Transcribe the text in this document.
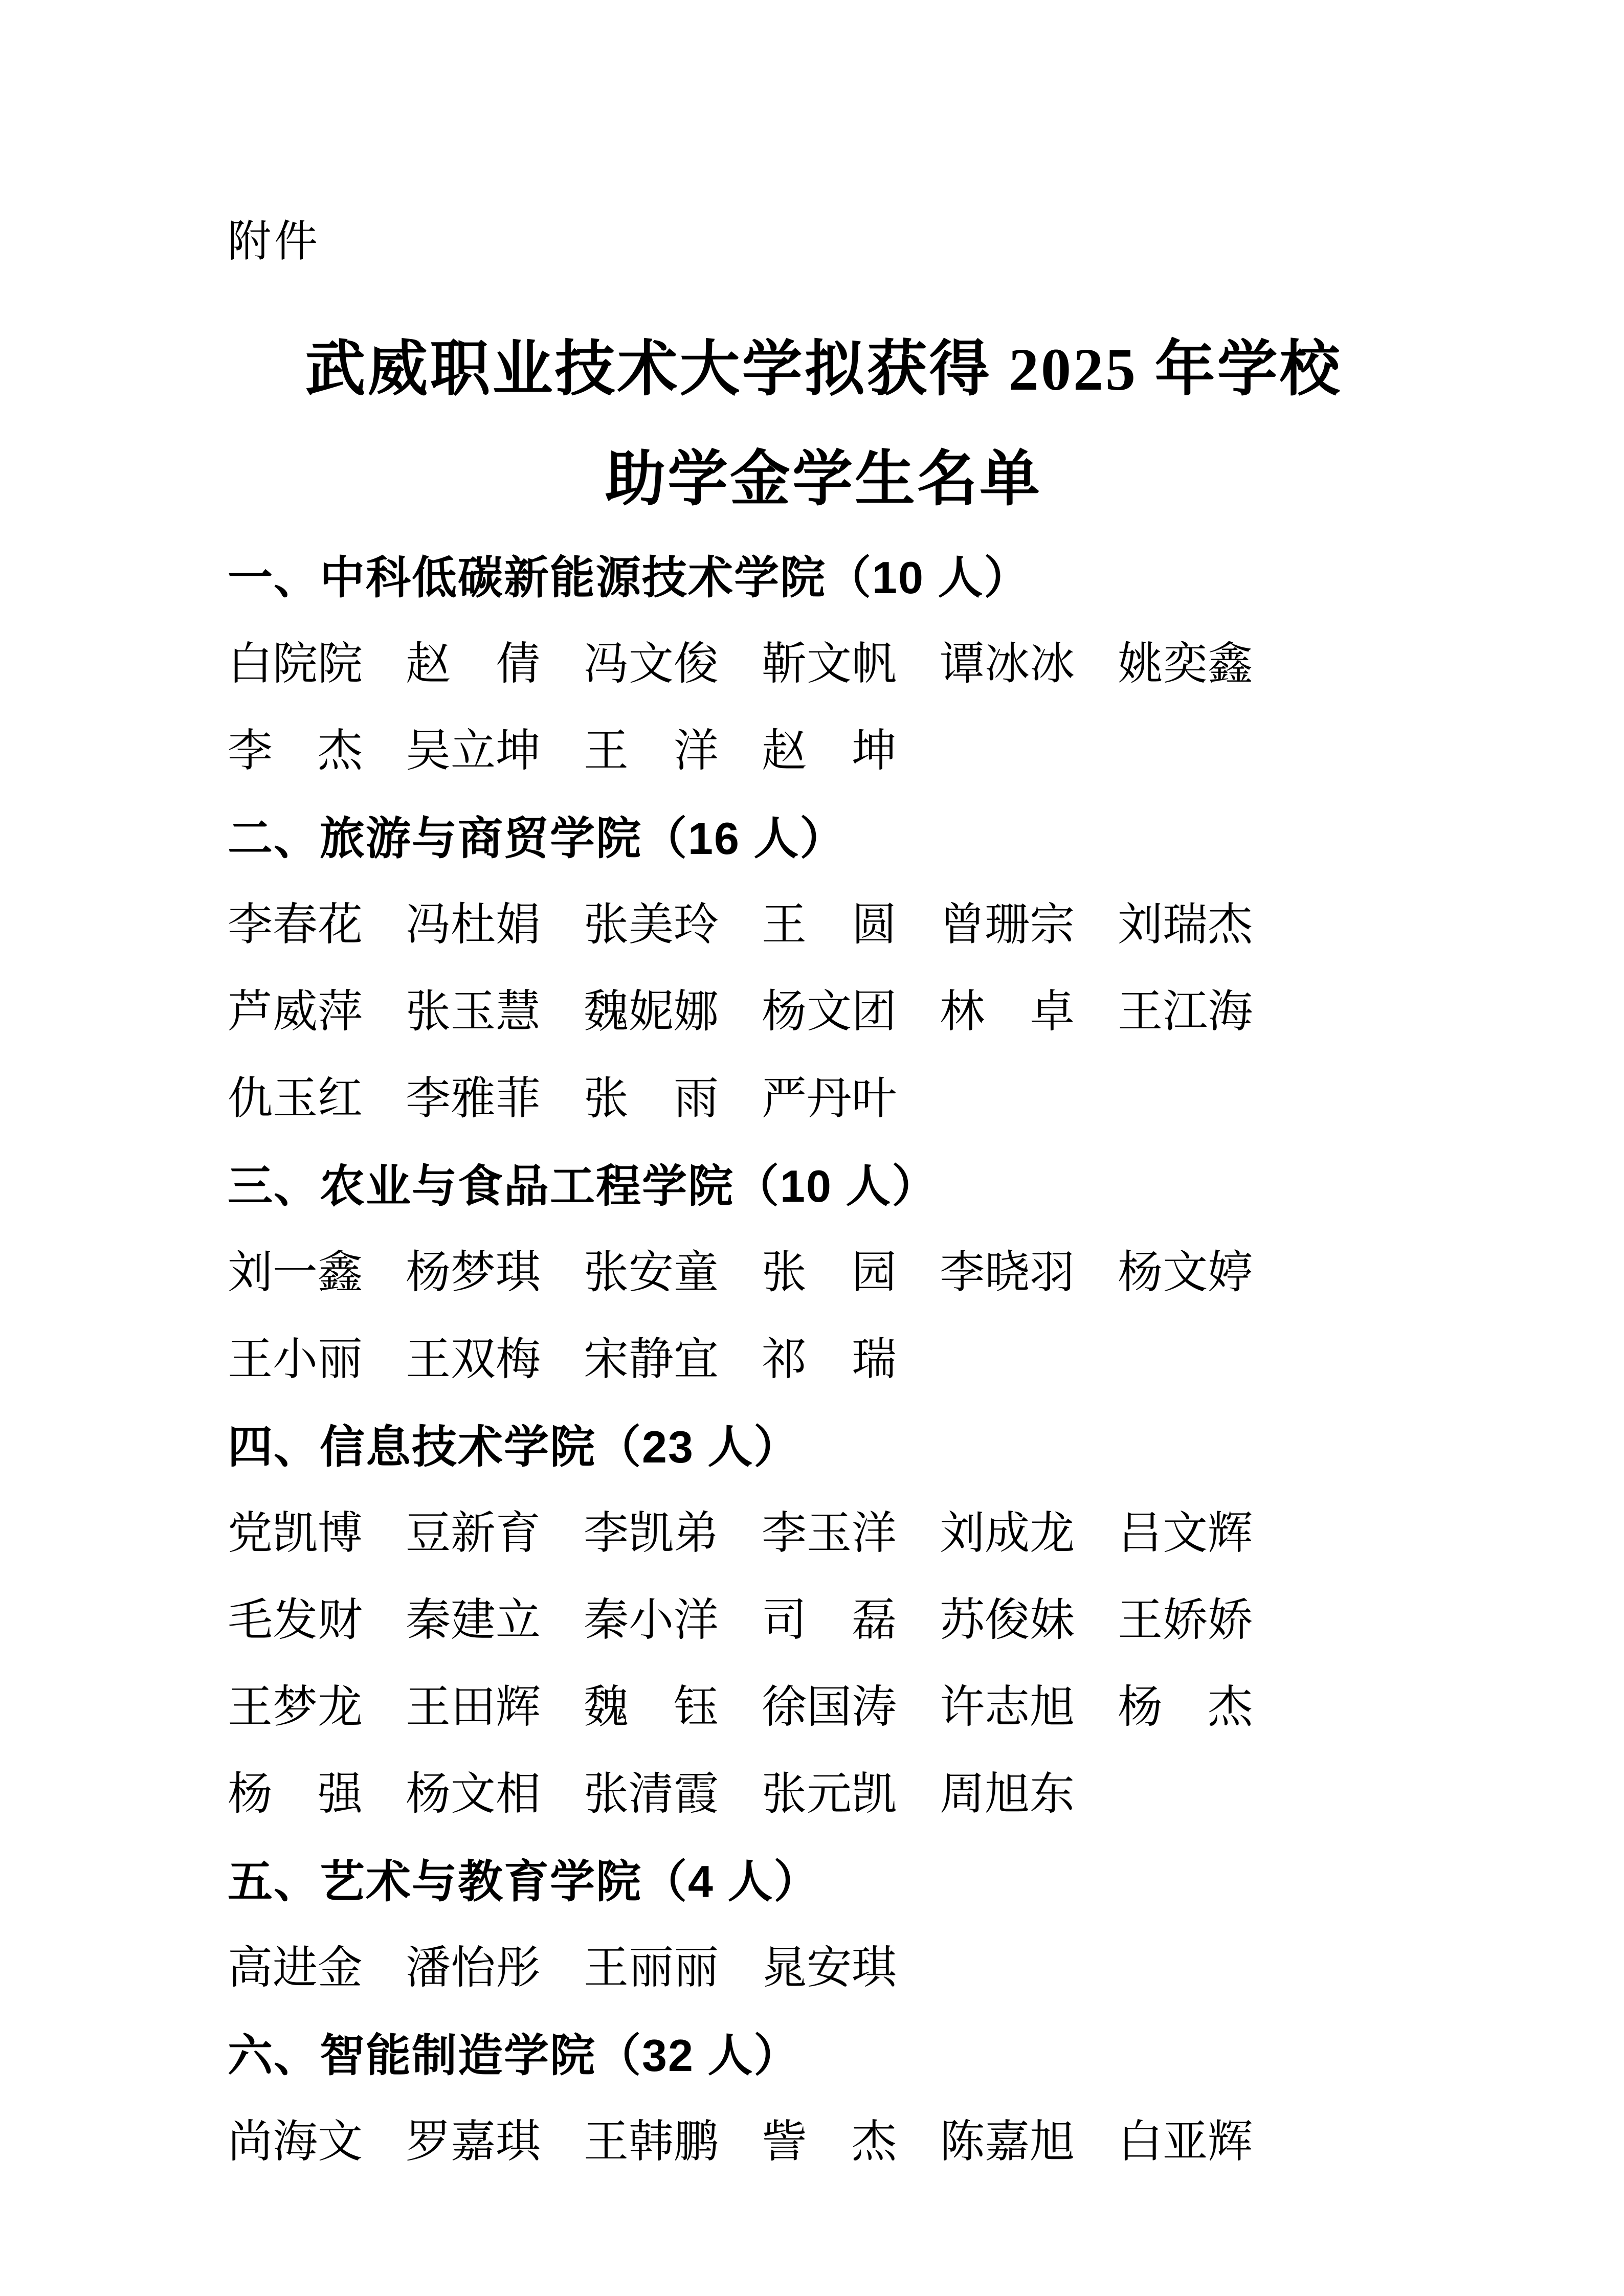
附件
武威职业技术大学拟获得 2025 年学校
助学金学生名单
一、中科低碳新能源技术学院（10 人）

白院院 赵　倩 冯文俊 靳文帆 谭冰冰 姚奕鑫

李　杰 吴立坤 王　洋 赵　坤

二、旅游与商贸学院（16 人）

李春花 冯杜娟 张美玲 王　圆 曾珊宗 刘瑞杰

芦威萍 张玉慧 魏妮娜 杨文团 林　卓 王江海

仇玉红 李雅菲 张　雨 严丹叶

三、农业与食品工程学院（10 人）

刘一鑫 杨梦琪 张安童 张　园 李晓羽 杨文婷

王小丽 王双梅 宋静宜 祁　瑞

四、信息技术学院（23 人）

党凯博 豆新育 李凯弟 李玉洋 刘成龙 吕文辉

毛发财 秦建立 秦小洋 司　磊 苏俊妹 王娇娇

王梦龙 王田辉 魏　钰 徐国涛 许志旭 杨　杰

杨　强 杨文相 张清霞 张元凯 周旭东

五、艺术与教育学院（4 人）

高进金 潘怡彤 王丽丽 晁安琪

六、智能制造学院（32 人）

尚海文 罗嘉琪 王韩鹏 訾　杰 陈嘉旭 白亚辉
